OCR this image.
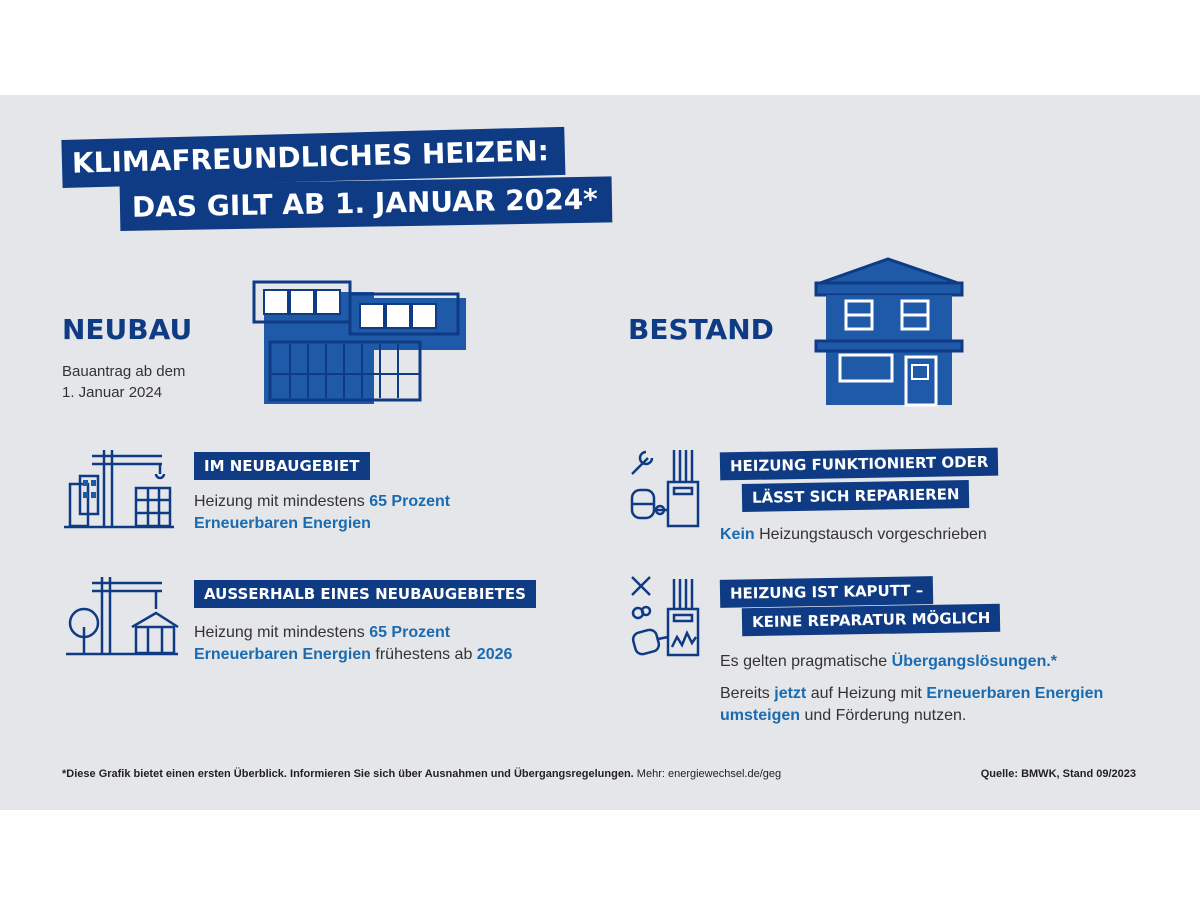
KLIMAFREUNDLICHES HEIZEN:
DAS GILT AB 1. JANUAR 2024*
NEUBAU
Bauantrag ab dem
1. Januar 2024
IM NEUBAUGEBIET
Heizung mit mindestens 65 Prozent
Erneuerbaren Energien
AUSSERHALB EINES NEUBAUGEBIETES
Heizung mit mindestens 65 Prozent
Erneuerbaren Energien frühestens ab 2026
BESTAND
HEIZUNG FUNKTIONIERT ODER
LÄSST SICH REPARIEREN
Kein Heizungstausch vorgeschrieben
HEIZUNG IST KAPUTT –
KEINE REPARATUR MÖGLICH
Es gelten pragmatische Übergangslösungen.*
Bereits jetzt auf Heizung mit Erneuerbaren Energien
umsteigen und Förderung nutzen.
*Diese Grafik bietet einen ersten Überblick. Informieren Sie sich über Ausnahmen und Übergangsregelungen. Mehr: energiewechsel.de/geg	Quelle: BMWK, Stand 09/2023
